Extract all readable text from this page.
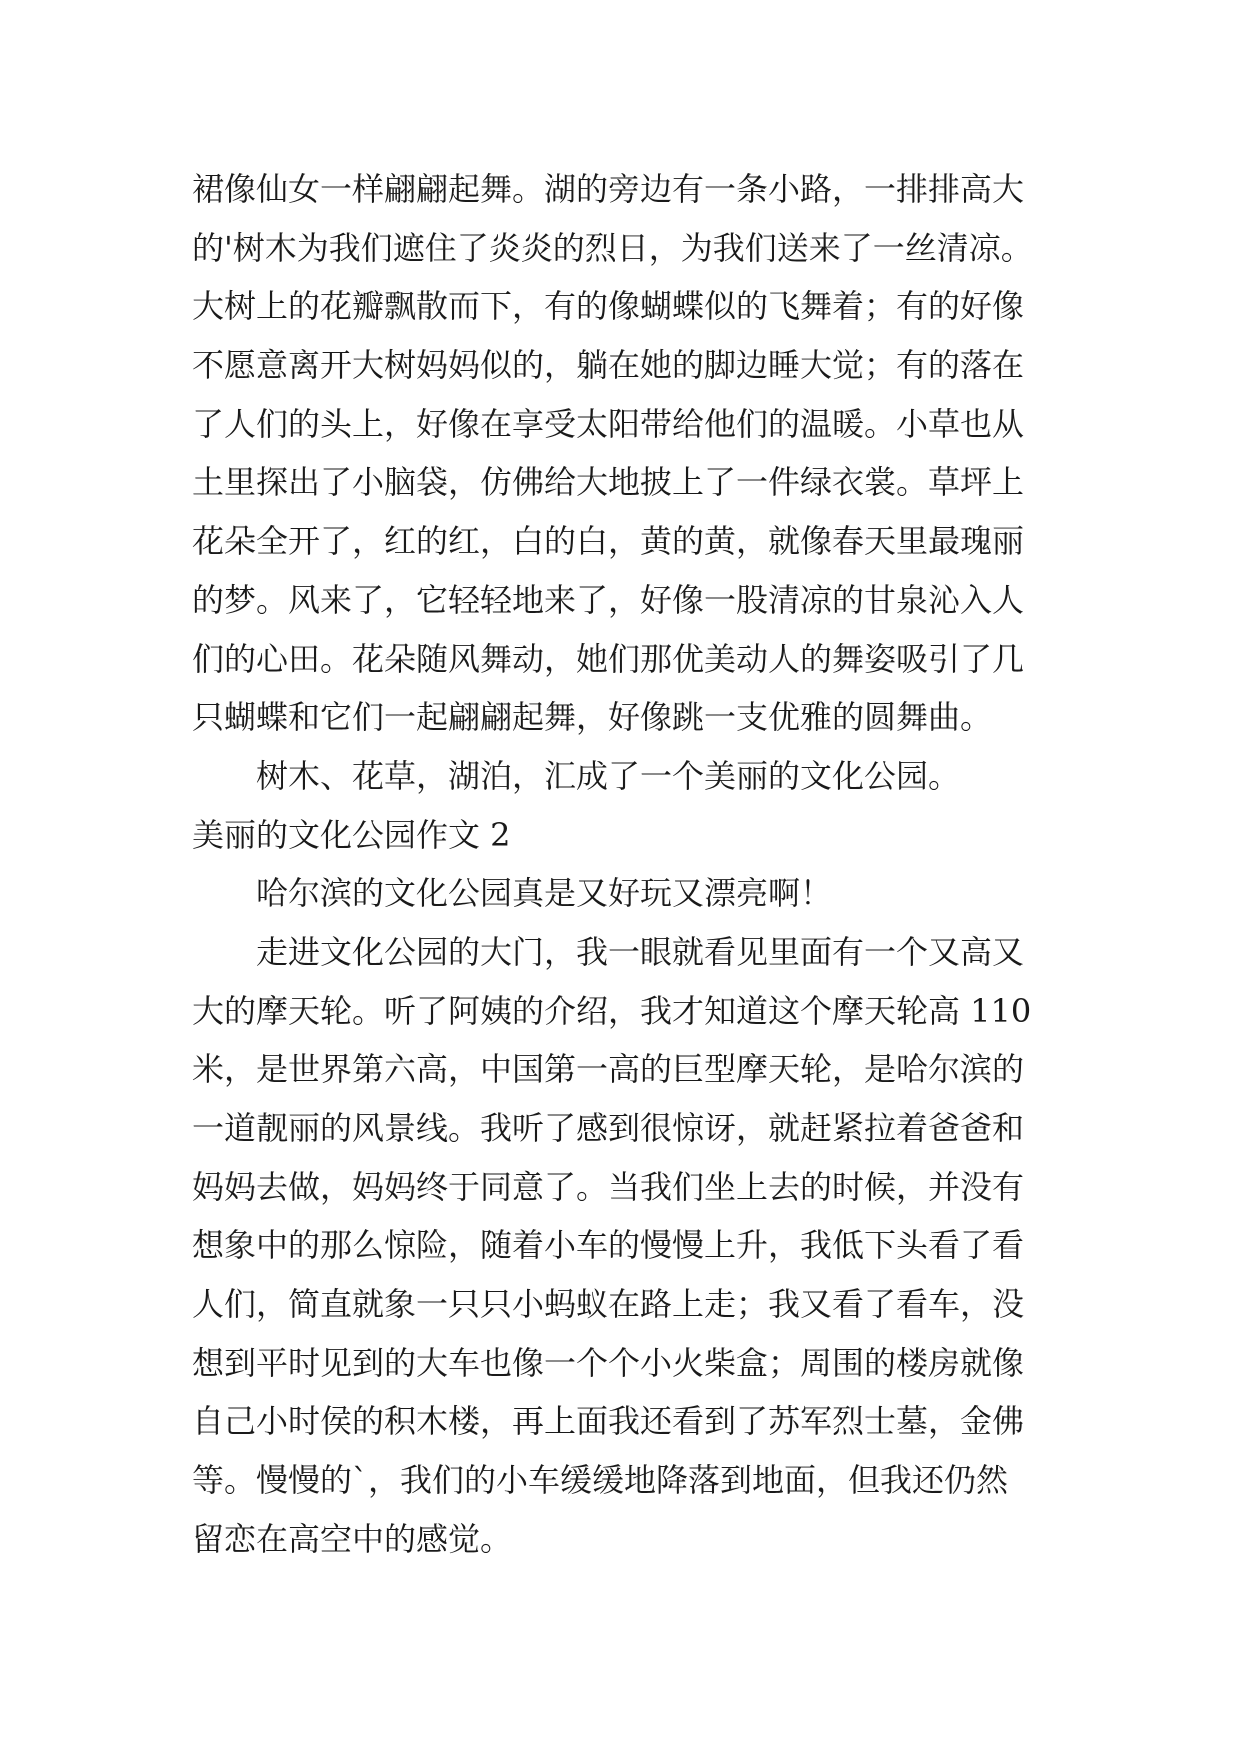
裙像仙女一样翩翩起舞。湖的旁边有一条小路，一排排高大
的'树木为我们遮住了炎炎的烈日，为我们送来了一丝清凉。
大树上的花瓣飘散而下，有的像蝴蝶似的飞舞着；有的好像
不愿意离开大树妈妈似的，躺在她的脚边睡大觉；有的落在
了人们的头上，好像在享受太阳带给他们的温暖。小草也从
土里探出了小脑袋，仿佛给大地披上了一件绿衣裳。草坪上
花朵全开了，红的红，白的白，黄的黄，就像春天里最瑰丽
的梦。风来了，它轻轻地来了，好像一股清凉的甘泉沁入人
们的心田。花朵随风舞动，她们那优美动人的舞姿吸引了几
只蝴蝶和它们一起翩翩起舞，好像跳一支优雅的圆舞曲。
树木、花草，湖泊，汇成了一个美丽的文化公园。
美丽的文化公园作文 2
哈尔滨的文化公园真是又好玩又漂亮啊！
走进文化公园的大门，我一眼就看见里面有一个又高又
大的摩天轮。听了阿姨的介绍，我才知道这个摩天轮高 110
米，是世界第六高，中国第一高的巨型摩天轮，是哈尔滨的
一道靓丽的风景线。我听了感到很惊讶，就赶紧拉着爸爸和
妈妈去做，妈妈终于同意了。当我们坐上去的时候，并没有
想象中的那么惊险，随着小车的慢慢上升，我低下头看了看
人们，简直就象一只只小蚂蚁在路上走；我又看了看车，没
想到平时见到的大车也像一个个小火柴盒；周围的楼房就像
自己小时侯的积木楼，再上面我还看到了苏军烈士墓，金佛
等。慢慢的`，我们的小车缓缓地降落到地面，但我还仍然
留恋在高空中的感觉。
